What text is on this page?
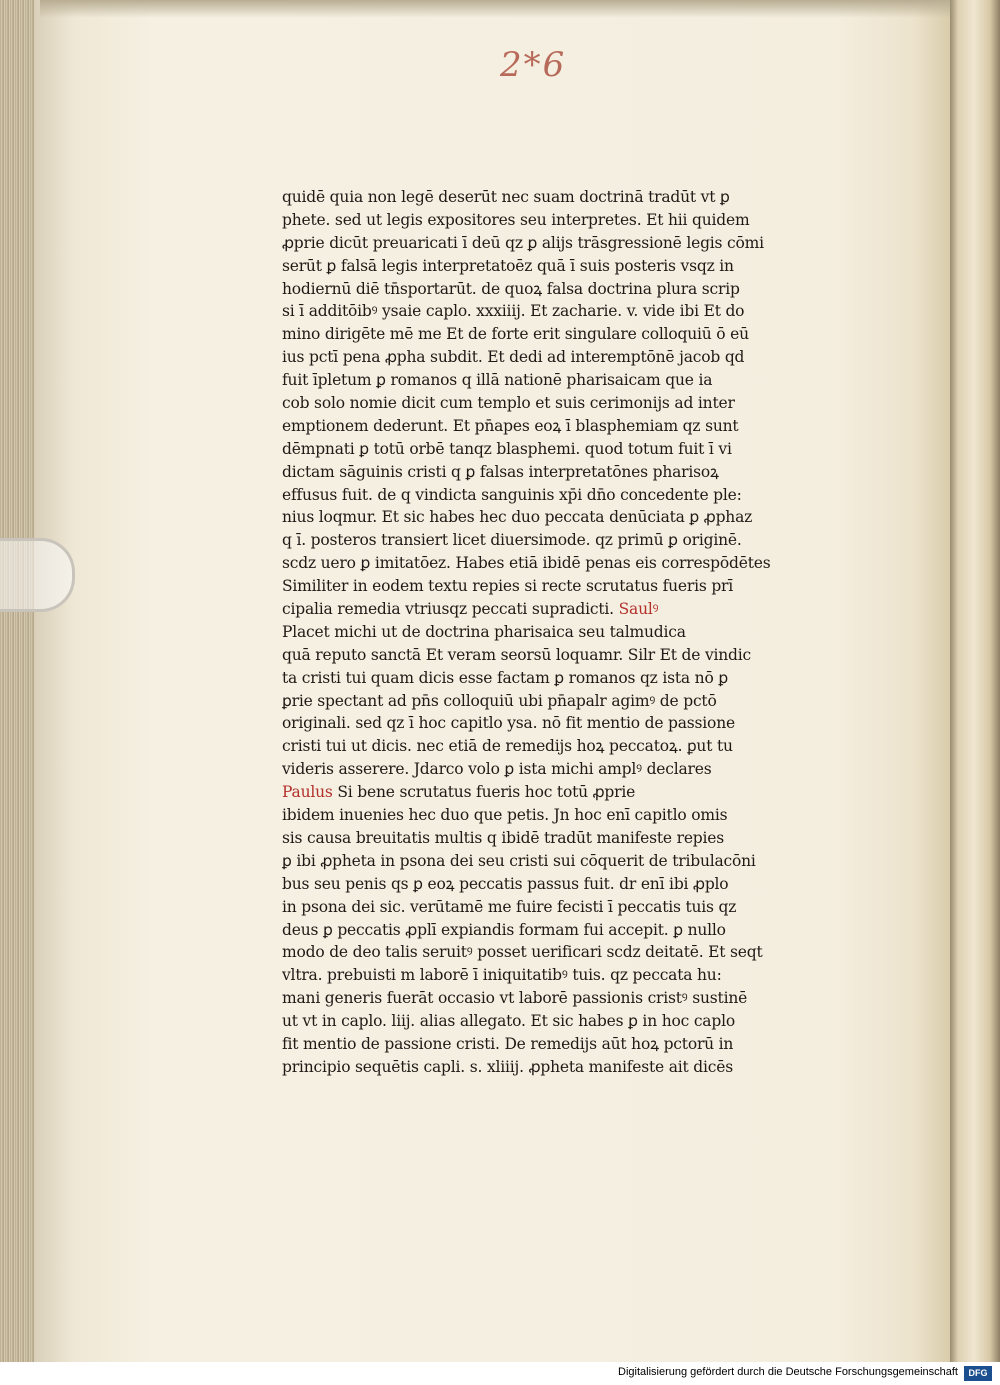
2*6
quidē quia non legē deserūt nec suam doctrinā tradūt vt ꝑ
phete. sed ut legis expositores seu interpretes. Et hii quidem
ꝓprie dicūt preuaricati ī deū qz ꝑ alijs trāsgressionē legis cōmi
serūt ꝑ falsā legis interpretatoēz quā ī suis posteris vsqz in
hodiernū diē tn̄sportarūt. de quoꝝ falsa doctrina plura scrip
si ī additōibꝰ ysaie caplo. xxxiiij. Et zacharie. v. vide ibi Et do
mino dirigēte mē me Et de forte erit singulare colloquiū ō eū
ius pctī pena ꝓpha subdit. Et dedi ad interemptōnē jacob qd
fuit īpletum ꝑ romanos q illā nationē pharisaicam que ia
cob solo nomie dicit cum templo et suis cerimonijs ad inter
emptionem dederunt. Et pn̄apes eoꝝ ī blasphemiam qz sunt
dēmpnati ꝑ totū orbē tanqz blasphemi. quod totum fuit ī vi
dictam sāguinis cristi q ꝑ falsas interpretatōnes pharisoꝝ
effusus fuit. de q vindicta sanguinis xp̄i dn̄o concedente ple:
nius loqmur. Et sic habes hec duo peccata denūciata ꝑ ꝓphaz
q ī. posteros transiert licet diuersimode. qz primū ꝑ originē.
scdz uero ꝑ imitatōez. Habes etiā ibidē penas eis correspōdētes
Similiter in eodem textu repies si recte scrutatus fueris prī
cipalia remedia vtriusqz peccati supradicti. Saulꝰ
Placet michi ut de doctrina pharisaica seu talmudica
quā reputo sanctā Et veram seorsū loquamr. Silr Et de vindic
ta cristi tui quam dicis esse factam ꝑ romanos qz ista nō ꝑ
ꝑrie spectant ad pn̄s colloquiū ubi pn̄apalr agimꝰ de pctō
originali. sed qz ī hoc capitlo ysa. nō fit mentio de passione
cristi tui ut dicis. nec etiā de remedijs hoꝝ peccatoꝝ. ꝑut tu
videris asserere. Jdarco volo ꝑ ista michi amplꝰ declares
Paulus Si bene scrutatus fueris hoc totū ꝓprie
ibidem inuenies hec duo que petis. Jn hoc enī capitlo omis
sis causa breuitatis multis q ibidē tradūt manifeste repies
ꝑ ibi ꝓpheta in psona dei seu cristi sui cōquerit de tribulacōni
bus seu penis qs ꝑ eoꝝ peccatis passus fuit. dr enī ibi ꝓplo
in psona dei sic. verūtamē me fuire fecisti ī peccatis tuis qz
deus ꝑ peccatis ꝓplī expiandis formam fui accepit. ꝑ nullo
modo de deo talis seruitꝰ posset uerificari scdz deitatē. Et seqt
vltra. prebuisti m laborē ī iniquitatibꝰ tuis. qz peccata hu:
mani generis fuerāt occasio vt laborē passionis cristꝰ sustinē
ut vt in caplo. liij. alias allegato. Et sic habes ꝑ in hoc caplo
fit mentio de passione cristi. De remedijs aūt hoꝝ pctorū in
principio sequētis capli. s. xliiij. ꝓpheta manifeste ait dicēs
Digitalisierung gefördert durch die Deutsche Forschungsgemeinschaft	DFG
